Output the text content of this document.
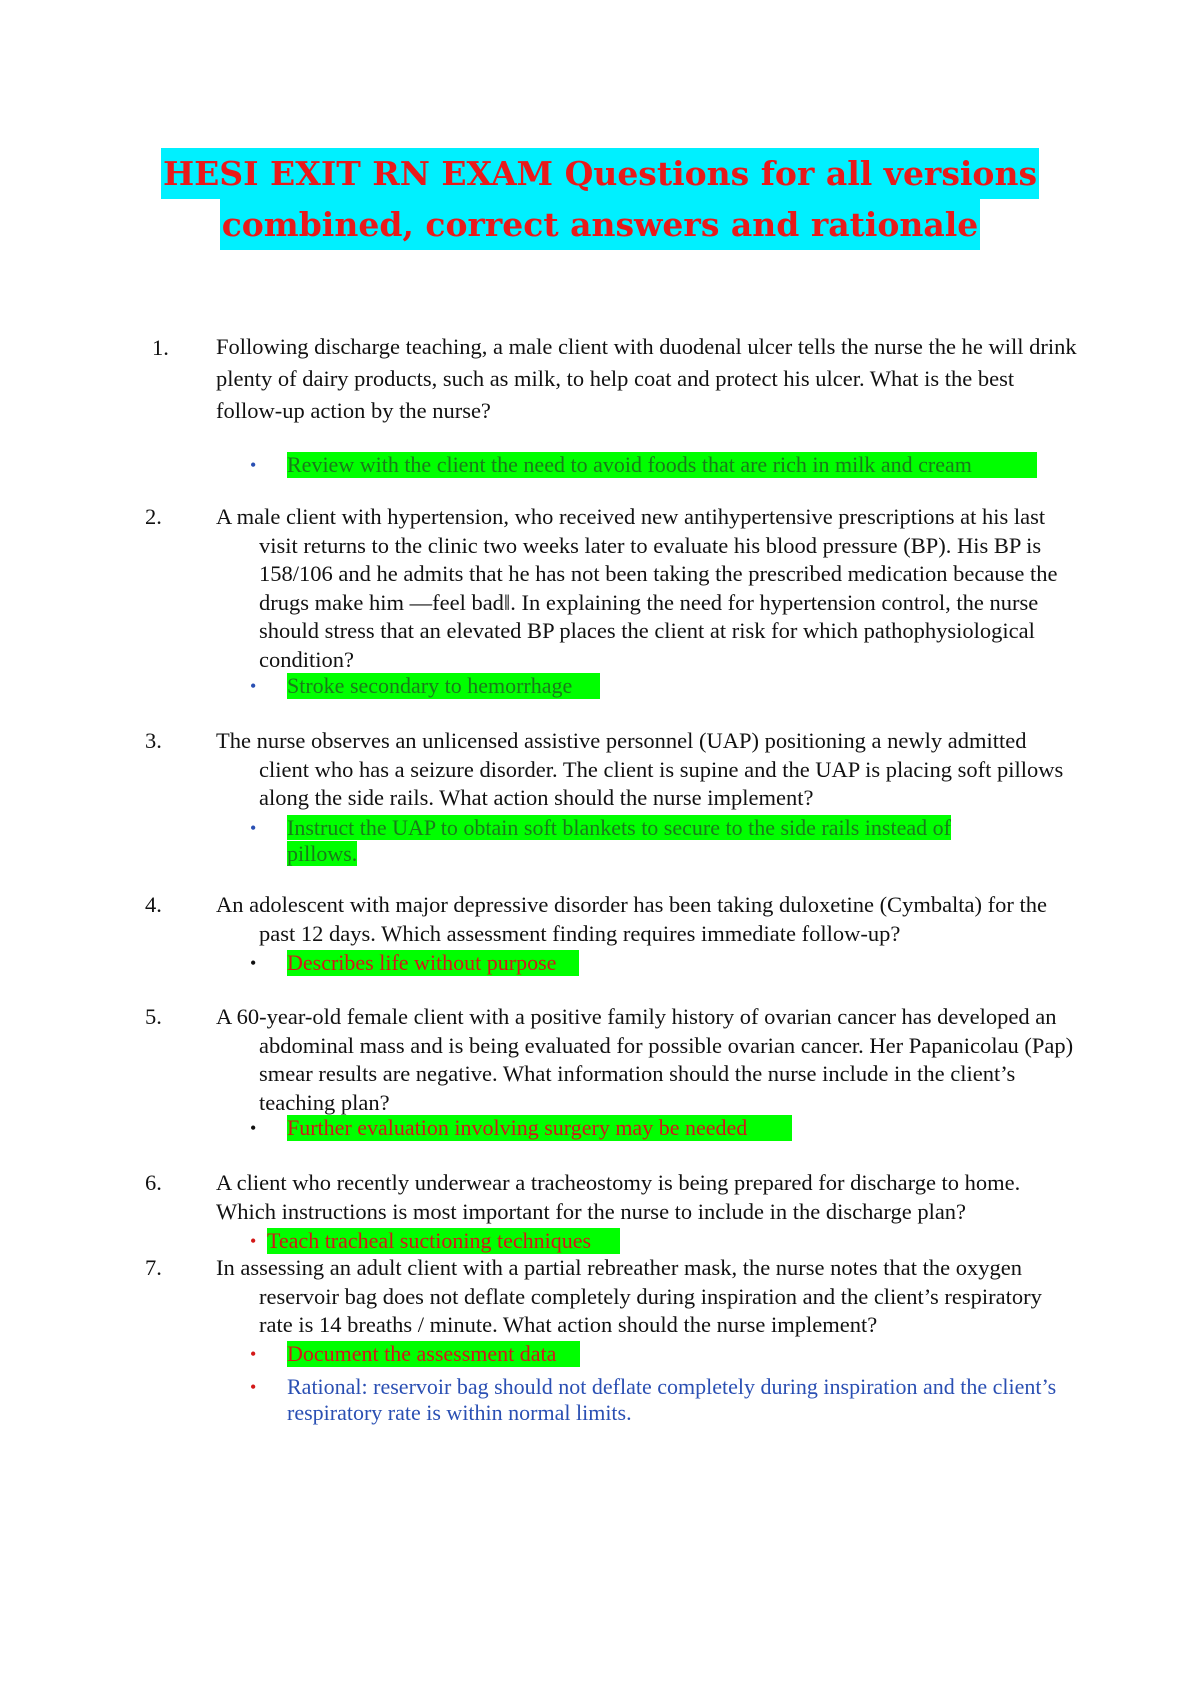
HESI EXIT RN EXAM Questions for all versions
combined, correct answers and rationale
1. Following discharge teaching, a male client with duodenal ulcer tells the nurse the he will drink plenty of dairy products, such as milk, to help coat and protect his ulcer. What is the best follow-up action by the nurse?
• Review with the client the need to avoid foods that are rich in milk and cream
2. A male client with hypertension, who received new antihypertensive prescriptions at his last visit returns to the clinic two weeks later to evaluate his blood pressure (BP). His BP is 158/106 and he admits that he has not been taking the prescribed medication because the drugs make him —feel bad‖. In explaining the need for hypertension control, the nurse should stress that an elevated BP places the client at risk for which pathophysiological condition?
• Stroke secondary to hemorrhage
3. The nurse observes an unlicensed assistive personnel (UAP) positioning a newly admitted client who has a seizure disorder. The client is supine and the UAP is placing soft pillows along the side rails. What action should the nurse implement?
• Instruct the UAP to obtain soft blankets to secure to the side rails instead of pillows.
4. An adolescent with major depressive disorder has been taking duloxetine (Cymbalta) for the past 12 days. Which assessment finding requires immediate follow-up?
• Describes life without purpose
5. A 60-year-old female client with a positive family history of ovarian cancer has developed an abdominal mass and is being evaluated for possible ovarian cancer. Her Papanicolau (Pap) smear results are negative. What information should the nurse include in the client’s teaching plan?
• Further evaluation involving surgery may be needed
6. A client who recently underwear a tracheostomy is being prepared for discharge to home. Which instructions is most important for the nurse to include in the discharge plan?
• Teach tracheal suctioning techniques
7. In assessing an adult client with a partial rebreather mask, the nurse notes that the oxygen reservoir bag does not deflate completely during inspiration and the client’s respiratory rate is 14 breaths / minute. What action should the nurse implement?
• Document the assessment data
• Rational: reservoir bag should not deflate completely during inspiration and the client’s respiratory rate is within normal limits.
